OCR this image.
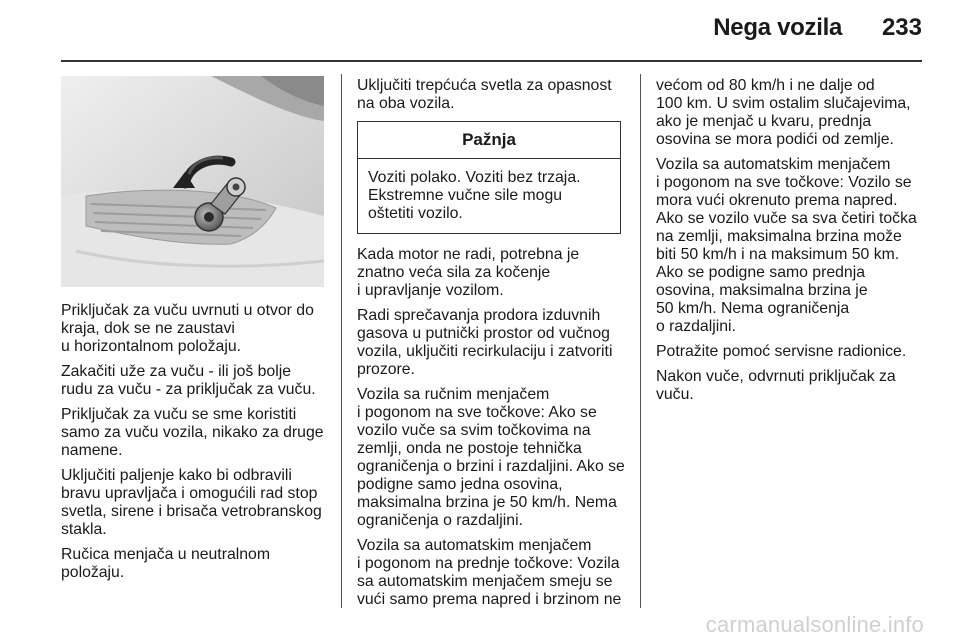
Nega vozila 233

Priključak za vuču uvrnuti u otvor do kraja, dok se ne zaustavi
u horizontalnom položaju.

Zakačiti uže za vuču - ili još bolje rudu za vuču - za priključak za vuču.

Priključak za vuču se sme koristiti samo za vuču vozila, nikako za druge namene.

Uključiti paljenje kako bi odbravili bravu upravljača i omogućili rad stop svetla, sirene i brisača vetrobranskog stakla.

Ručica menjača u neutralnom položaju.

Uključiti trepćuća svetla za opasnost na oba vozila.

Pažnja
Voziti polako. Voziti bez trzaja. Ekstremne vučne sile mogu
oštetiti vozilo.

Kada motor ne radi, potrebna je znatno veća sila za kočenje
i upravljanje vozilom.

Radi sprečavanja prodora izduvnih gasova u putnički prostor od vučnog vozila, uključiti recirkulaciju i zatvoriti prozore.

Vozila sa ručnim menjačem
i pogonom na sve točkove: Ako se vozilo vuče sa svim točkovima na zemlji, onda ne postoje tehnička ograničenja o brzini i razdaljini. Ako se podigne samo jedna osovina, maksimalna brzina je 50 km/h. Nema ograničenja o razdaljini.

Vozila sa automatskim menjačem
i pogonom na prednje točkove: Vozila sa automatskim menjačem smeju se vući samo prema napred i brzinom ne

većom od 80 km/h i ne dalje od
100 km. U svim ostalim slučajevima, ako je menjač u kvaru, prednja osovina se mora podići od zemlje.

Vozila sa automatskim menjačem
i pogonom na sve točkove: Vozilo se mora vući okrenuto prema napred. Ako se vozilo vuče sa sva četiri točka na zemlji, maksimalna brzina može biti 50 km/h i na maksimum 50 km. Ako se podigne samo prednja osovina, maksimalna brzina je
50 km/h. Nema ograničenja
o razdaljini.

Potražite pomoć servisne radionice.

Nakon vuče, odvrnuti priključak za vuču.

carmanualsonline.info
